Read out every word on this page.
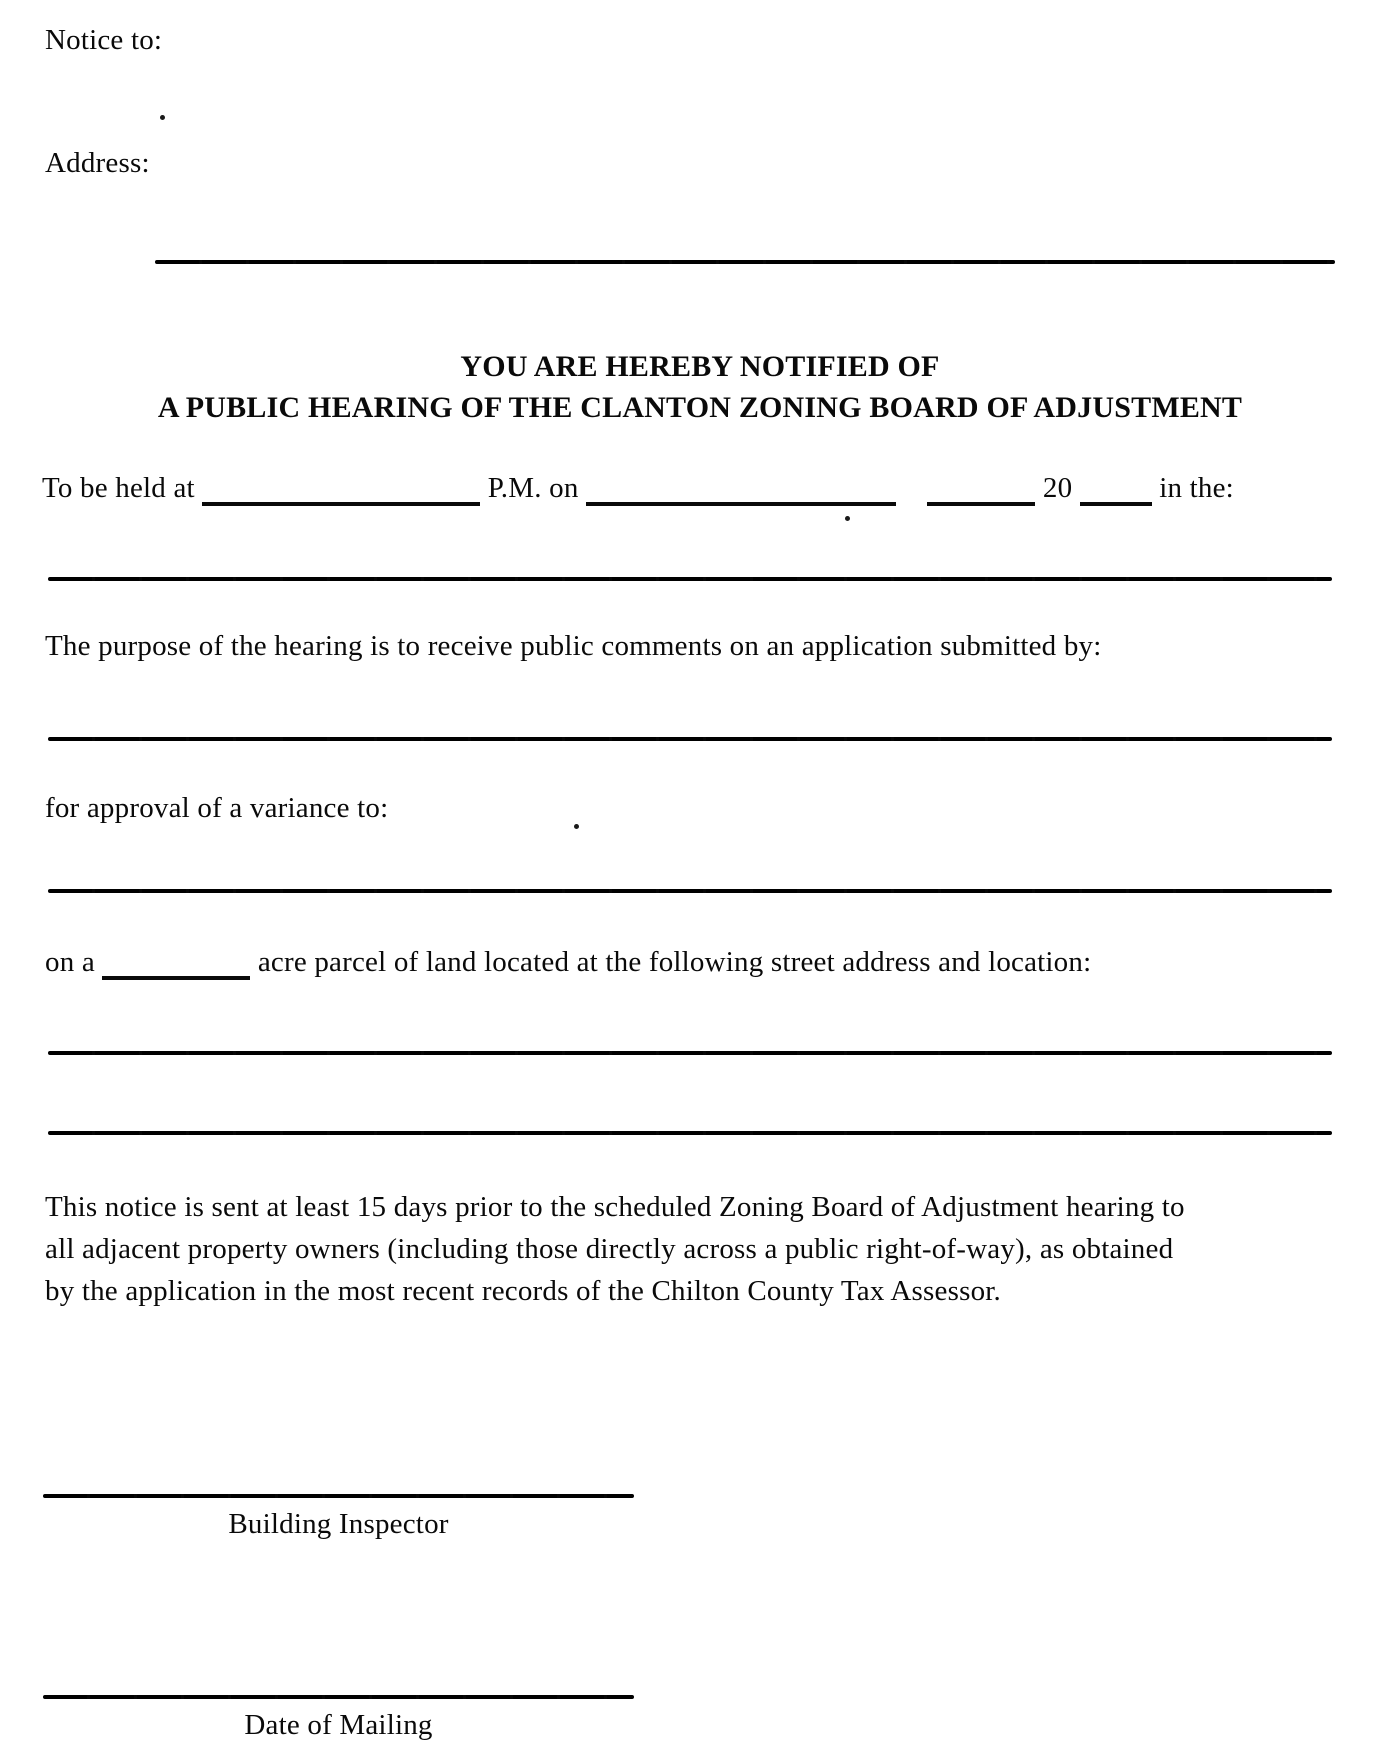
Notice to:
Address:
YOU ARE HEREBY NOTIFIED OF
A PUBLIC HEARING OF THE CLANTON ZONING BOARD OF ADJUSTMENT
To be held at	P.M. on	20	in the:
The purpose of the hearing is to receive public comments on an application submitted by:
for approval of a variance to:
on a	acre parcel of land located at the following street address and location:
This notice is sent at least 15 days prior to the scheduled Zoning Board of Adjustment hearing to
all adjacent property owners (including those directly across a public right-of-way), as obtained
by the application in the most recent records of the Chilton County Tax Assessor.
Building Inspector
Date of Mailing
